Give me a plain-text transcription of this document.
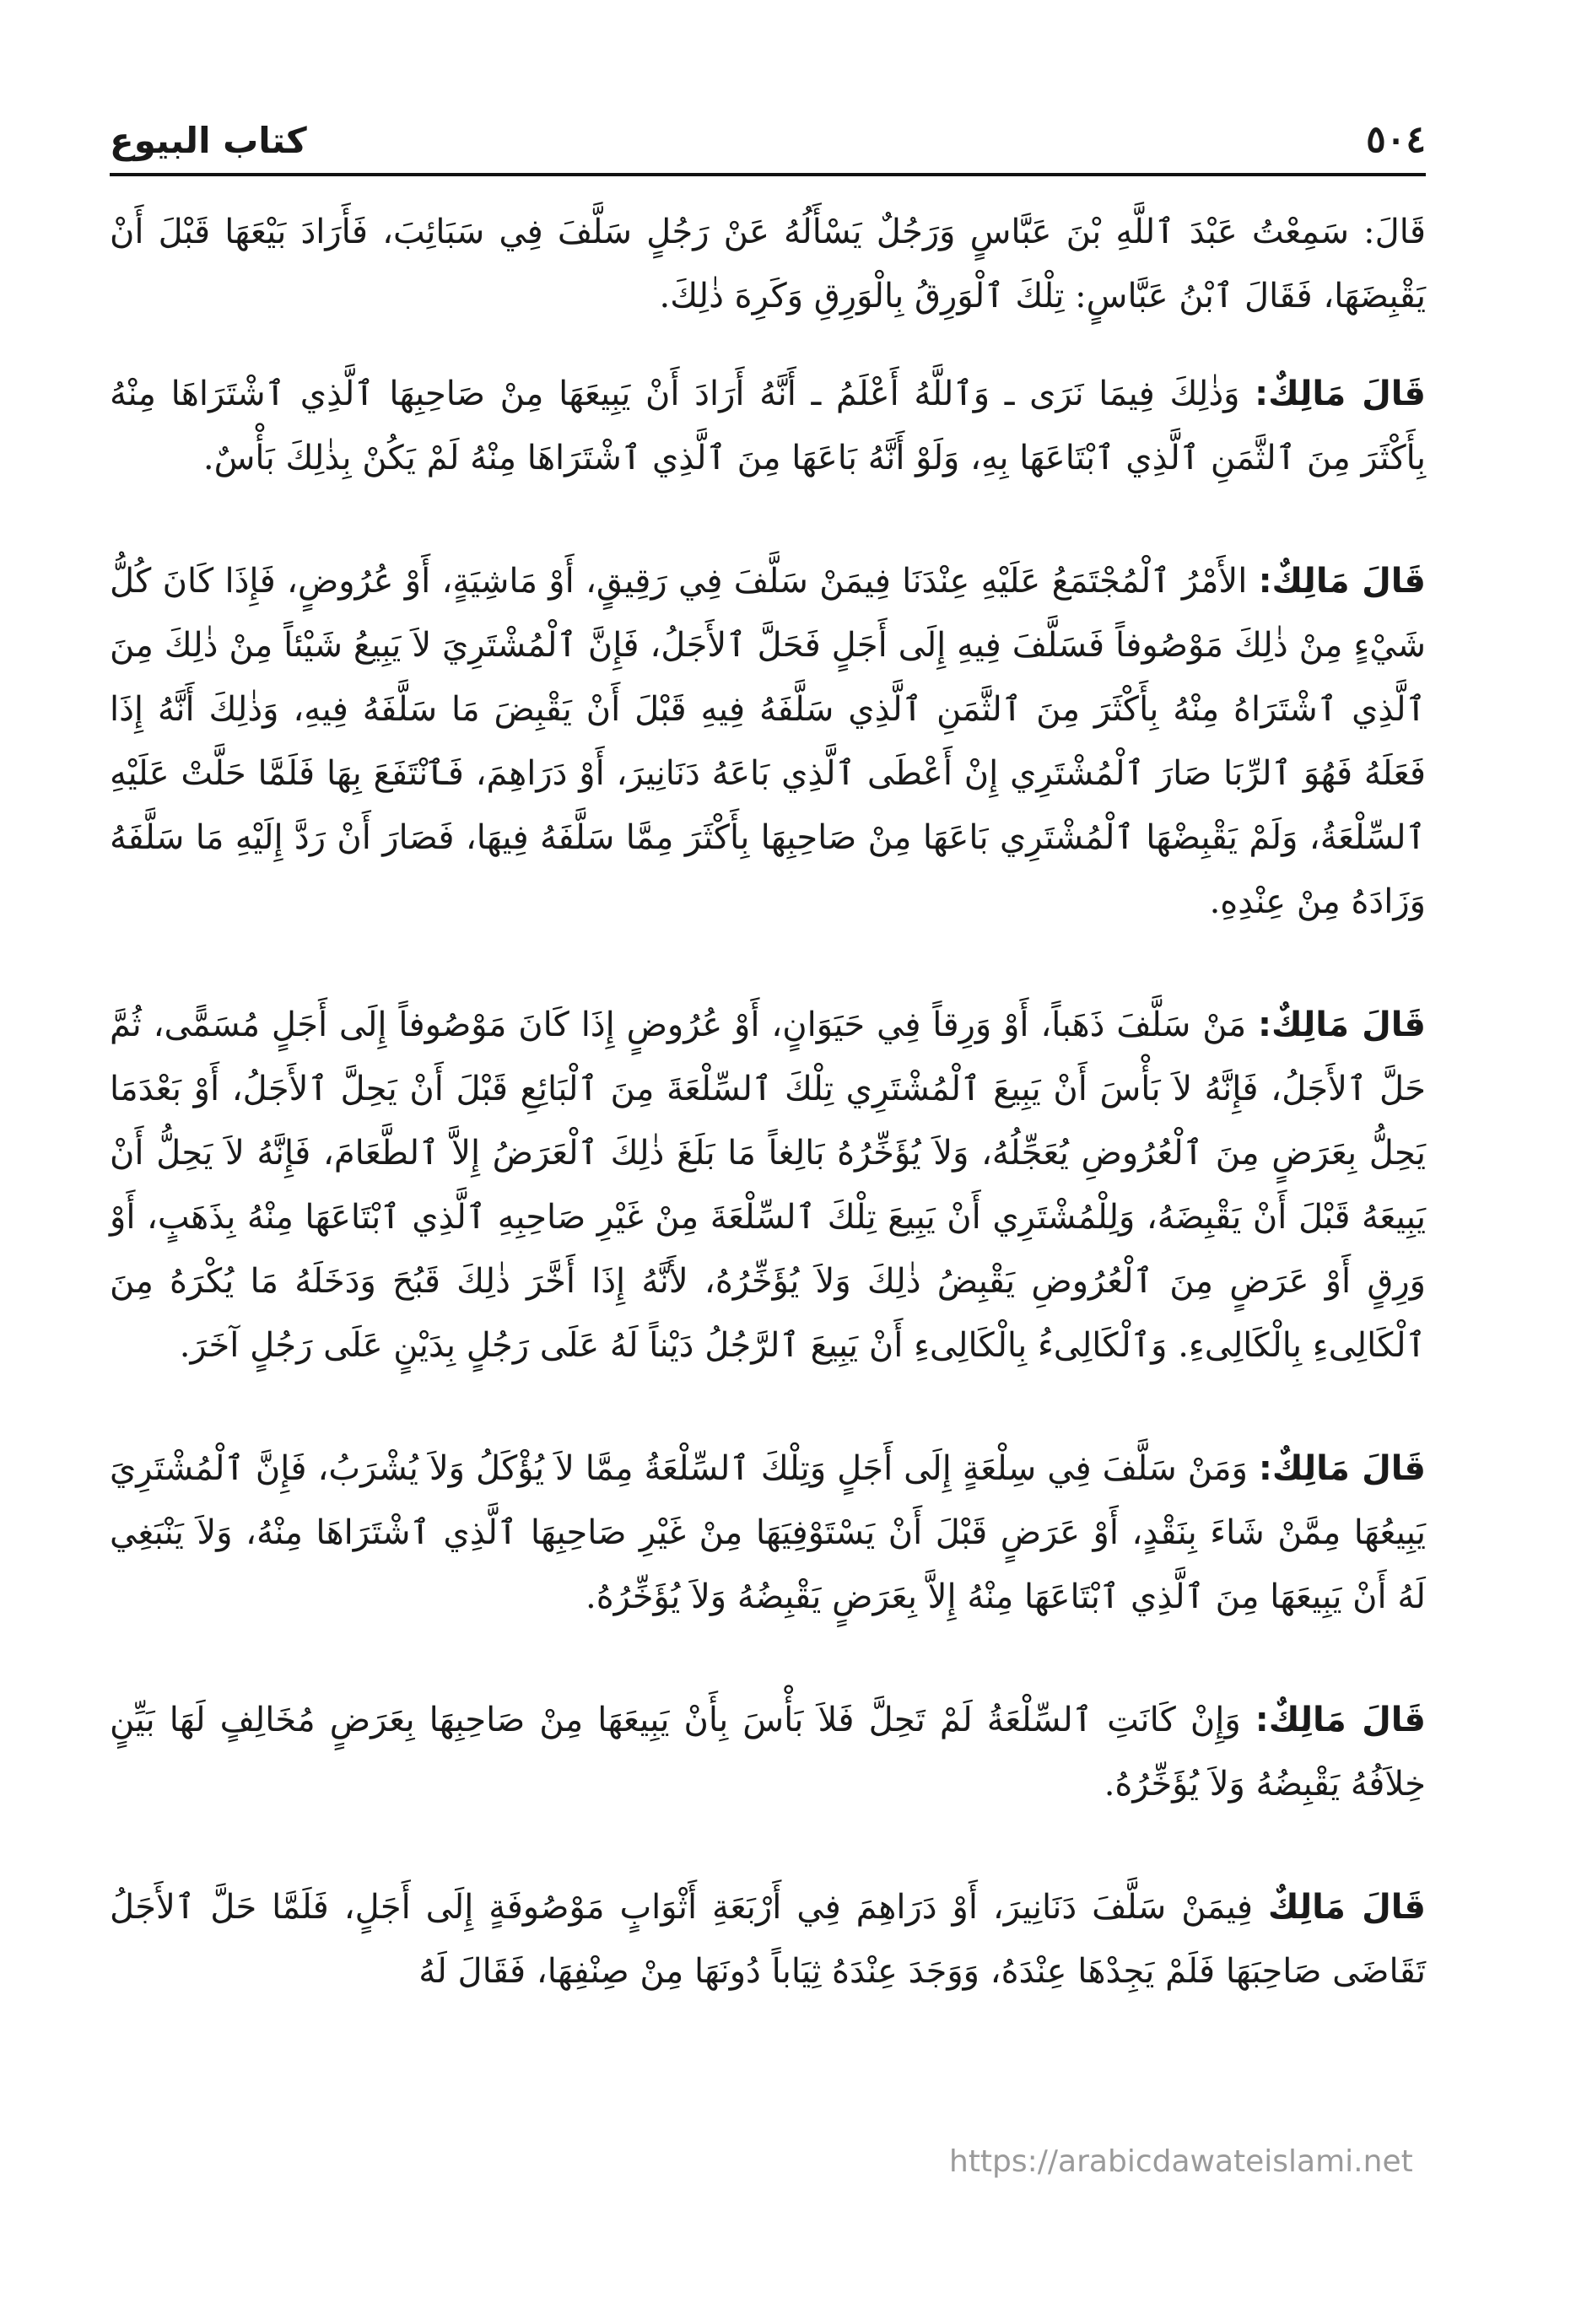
٥٠٤
كتاب البيوع

قَالَ: سَمِعْتُ عَبْدَ ٱللَّهِ بْنَ عَبَّاسٍ وَرَجُلٌ يَسْأَلُهُ عَنْ رَجُلٍ سَلَّفَ فِي سَبَائِبَ، فَأَرَادَ بَيْعَهَا قَبْلَ أَنْ يَقْبِضَهَا، فَقَالَ ٱبْنُ عَبَّاسٍ: تِلْكَ ٱلْوَرِقُ بِالْوَرِقِ وَكَرِهَ ذٰلِكَ.

قَالَ مَالِكٌ: وَذٰلِكَ فِيمَا نَرَى ـ وَٱللَّهُ أَعْلَمُ ـ أَنَّهُ أَرَادَ أَنْ يَبِيعَهَا مِنْ صَاحِبِهَا ٱلَّذِي ٱشْتَرَاهَا مِنْهُ بِأَكْثَرَ مِنَ ٱلثَّمَنِ ٱلَّذِي ٱبْتَاعَهَا بِهِ، وَلَوْ أَنَّهُ بَاعَهَا مِنَ ٱلَّذِي ٱشْتَرَاهَا مِنْهُ لَمْ يَكُنْ بِذٰلِكَ بَأْسٌ.

قَالَ مَالِكٌ: الأَمْرُ ٱلْمُجْتَمَعُ عَلَيْهِ عِنْدَنَا فِيمَنْ سَلَّفَ فِي رَقِيقٍ، أَوْ مَاشِيَةٍ، أَوْ عُرُوضٍ، فَإِذَا كَانَ كُلُّ شَيْءٍ مِنْ ذٰلِكَ مَوْصُوفاً فَسَلَّفَ فِيهِ إِلَى أَجَلٍ فَحَلَّ ٱلأَجَلُ، فَإِنَّ ٱلْمُشْتَرِيَ لاَ يَبِيعُ شَيْئاً مِنْ ذٰلِكَ مِنَ ٱلَّذِي ٱشْتَرَاهُ مِنْهُ بِأَكْثَرَ مِنَ ٱلثَّمَنِ ٱلَّذِي سَلَّفَهُ فِيهِ قَبْلَ أَنْ يَقْبِضَ مَا سَلَّفَهُ فِيهِ، وَذٰلِكَ أَنَّهُ إِذَا فَعَلَهُ فَهُوَ ٱلرِّبَا صَارَ ٱلْمُشْتَرِي إِنْ أَعْطَى ٱلَّذِي بَاعَهُ دَنَانِيرَ، أَوْ دَرَاهِمَ، فَٱنْتَفَعَ بِهَا فَلَمَّا حَلَّتْ عَلَيْهِ ٱلسِّلْعَةُ، وَلَمْ يَقْبِضْهَا ٱلْمُشْتَرِي بَاعَهَا مِنْ صَاحِبِهَا بِأَكْثَرَ مِمَّا سَلَّفَهُ فِيهَا، فَصَارَ أَنْ رَدَّ إِلَيْهِ مَا سَلَّفَهُ وَزَادَهُ مِنْ عِنْدِهِ.

قَالَ مَالِكٌ: مَنْ سَلَّفَ ذَهَباً، أَوْ وَرِقاً فِي حَيَوَانٍ، أَوْ عُرُوضٍ إِذَا كَانَ مَوْصُوفاً إِلَى أَجَلٍ مُسَمًّى، ثُمَّ حَلَّ ٱلأَجَلُ، فَإِنَّهُ لاَ بَأْسَ أَنْ يَبِيعَ ٱلْمُشْتَرِي تِلْكَ ٱلسِّلْعَةَ مِنَ ٱلْبَائِعِ قَبْلَ أَنْ يَحِلَّ ٱلأَجَلُ، أَوْ بَعْدَمَا يَحِلُّ بِعَرَضٍ مِنَ ٱلْعُرُوضِ يُعَجِّلُهُ، وَلاَ يُؤَخِّرُهُ بَالِغاً مَا بَلَغَ ذٰلِكَ ٱلْعَرَضُ إِلاَّ ٱلطَّعَامَ، فَإِنَّهُ لاَ يَحِلُّ أَنْ يَبِيعَهُ قَبْلَ أَنْ يَقْبِضَهُ، وَلِلْمُشْتَرِي أَنْ يَبِيعَ تِلْكَ ٱلسِّلْعَةَ مِنْ غَيْرِ صَاحِبِهِ ٱلَّذِي ٱبْتَاعَهَا مِنْهُ بِذَهَبٍ، أَوْ وَرِقٍ أَوْ عَرَضٍ مِنَ ٱلْعُرُوضِ يَقْبِضُ ذٰلِكَ وَلاَ يُؤَخِّرُهُ، لأَنَّهُ إِذَا أَخَّرَ ذٰلِكَ قَبُحَ وَدَخَلَهُ مَا يُكْرَهُ مِنَ ٱلْكَالِىءِ بِالْكَالِىءِ. وَٱلْكَالِىءُ بِالْكَالِىءِ أَنْ يَبِيعَ ٱلرَّجُلُ دَيْناً لَهُ عَلَى رَجُلٍ بِدَيْنٍ عَلَى رَجُلٍ آخَرَ.

قَالَ مَالِكٌ: وَمَنْ سَلَّفَ فِي سِلْعَةٍ إِلَى أَجَلٍ وَتِلْكَ ٱلسِّلْعَةُ مِمَّا لاَ يُؤْكَلُ وَلاَ يُشْرَبُ، فَإِنَّ ٱلْمُشْتَرِيَ يَبِيعُهَا مِمَّنْ شَاءَ بِنَقْدٍ، أَوْ عَرَضٍ قَبْلَ أَنْ يَسْتَوْفِيَهَا مِنْ غَيْرِ صَاحِبِهَا ٱلَّذِي ٱشْتَرَاهَا مِنْهُ، وَلاَ يَنْبَغِي لَهُ أَنْ يَبِيعَهَا مِنَ ٱلَّذِي ٱبْتَاعَهَا مِنْهُ إِلاَّ بِعَرَضٍ يَقْبِضُهُ وَلاَ يُؤَخِّرُهُ.

قَالَ مَالِكٌ: وَإِنْ كَانَتِ ٱلسِّلْعَةُ لَمْ تَحِلَّ فَلاَ بَأْسَ بِأَنْ يَبِيعَهَا مِنْ صَاحِبِهَا بِعَرَضٍ مُخَالِفٍ لَهَا بَيِّنٍ خِلاَفُهُ يَقْبِضُهُ وَلاَ يُؤَخِّرُهُ.

قَالَ مَالِكٌ فِيمَنْ سَلَّفَ دَنَانِيرَ، أَوْ دَرَاهِمَ فِي أَرْبَعَةِ أَثْوَابٍ مَوْصُوفَةٍ إِلَى أَجَلٍ، فَلَمَّا حَلَّ ٱلأَجَلُ تَقَاضَى صَاحِبَهَا فَلَمْ يَجِدْهَا عِنْدَهُ، وَوَجَدَ عِنْدَهُ ثِيَاباً دُونَهَا مِنْ صِنْفِهَا، فَقَالَ لَهُ

https://arabicdawateislami.net
